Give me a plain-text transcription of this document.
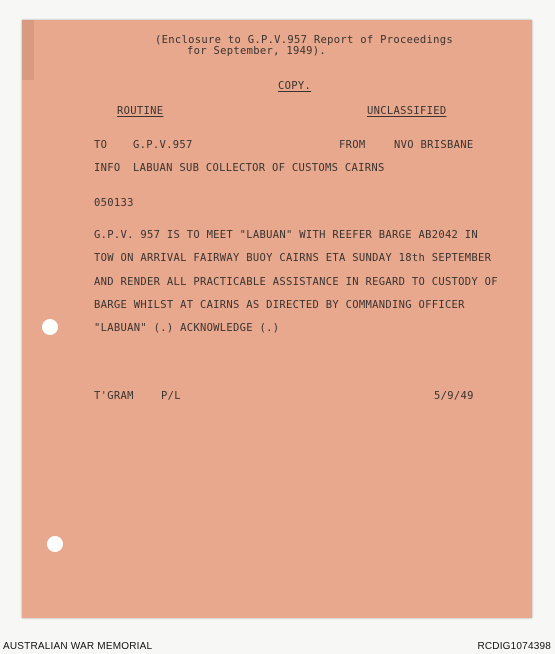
(Enclosure to G.P.V.957 Report of Proceedings
for September, 1949).
COPY.
ROUTINE	UNCLASSIFIED
TO G.P.V.957	FROM	NVO BRISBANE
INFO LABUAN SUB COLLECTOR OF CUSTOMS CAIRNS
050133
G.P.V. 957 IS TO MEET "LABUAN" WITH REEFER BARGE AB2042 IN
TOW ON ARRIVAL FAIRWAY BUOY CAIRNS ETA SUNDAY 18th SEPTEMBER
AND RENDER ALL PRACTICABLE ASSISTANCE IN REGARD TO CUSTODY OF
BARGE WHILST AT CAIRNS AS DIRECTED BY COMMANDING OFFICER
"LABUAN" (.) ACKNOWLEDGE (.)
T'GRAM	P/L	5/9/49
AUSTRALIAN WAR MEMORIAL	RCDIG1074398
